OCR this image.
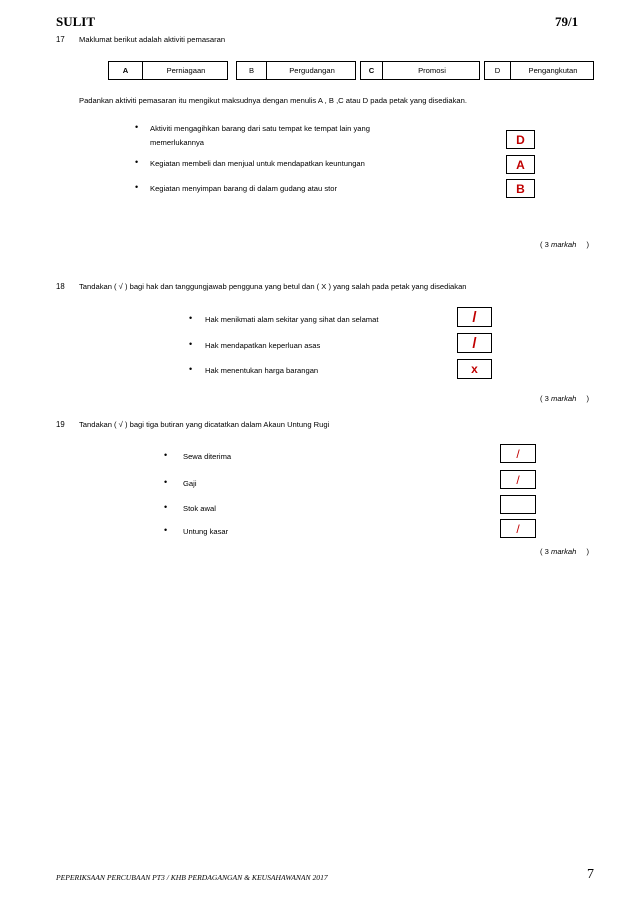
SULIT	79/1
17 Maklumat berikut adalah aktiviti pemasaran
A	Perniagaan	B	Pergudangan	C	Promosi	D	Pengangkutan
Padankan aktiviti pemasaran itu mengikut maksudnya dengan menulis A , B ,C atau D pada petak yang disediakan.
• Aktiviti mengagihkan barang dari satu tempat ke tempat lain yang
memerlukannya	D
• Kegiatan membeli dan menjual untuk mendapatkan keuntungan	A
• Kegiatan menyimpan barang di dalam gudang atau stor	B
( 3 markah )
18 Tandakan ( √ ) bagi hak dan tanggungjawab pengguna yang betul dan ( X ) yang salah pada petak yang disediakan
• Hak menikmati alam sekitar yang sihat dan selamat	/
• Hak mendapatkan keperluan asas	/
• Hak menentukan harga barangan	x
( 3 markah )
19 Tandakan ( √ ) bagi tiga butiran yang dicatatkan dalam Akaun Untung Rugi
• Sewa diterima	/
• Gaji	/
• Stok awal
• Untung kasar	/
( 3 markah )
PEPERIKSAAN PERCUBAAN PT3 / KHB PERDAGANGAN & KEUSAHAWANAN 2017	7
